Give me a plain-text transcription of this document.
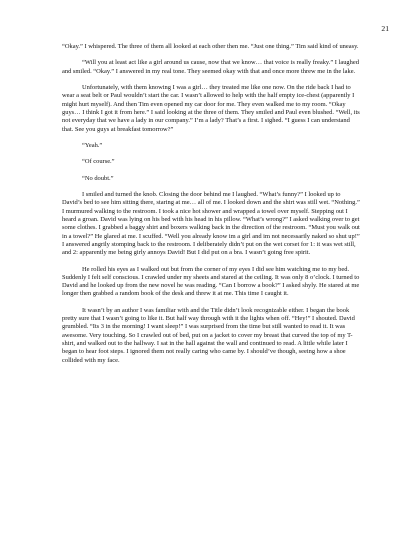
21

“Okay.” I whispered. The three of them all looked at each other then me. “Just one thing.” Tim said kind of uneasy.

“Will you at least act like a girl around us cause, now that we know… that voice is really freaky.” I laughed and smiled. “Okay.” I answered in my real tone. They seemed okay with that and once more threw me in the lake.

Unfortunately, with them knowing I was a girl… they treated me like one now. On the ride back I had to wear a seat belt or Paul wouldn’t start the car. I wasn’t allowed to help with the half empty ice-chest (apparently I might hurt myself). And then Tim even opened my car door for me. They even walked me to my room. “Okay guys… I think I got it from here.” I said looking at the three of them. They smiled and Paul even blushed. “Well, its not everyday that we have a lady in our company.” I’m a lady? That’s a first. I sighed. “I guess I can understand that. See you guys at breakfast tomorrow?”

“Yeah.”

“Of course.”

“No doubt.”

I smiled and turned the knob. Closing the door behind me I laughed. “What’s funny?” I looked up to David’s bed to see him sitting there, staring at me… all of me. I looked down and the shirt was still wet. “Nothing.” I murmured walking to the restroom. I took a nice hot shower and wrapped a towel over myself. Stepping out I heard a groan. David was lying on his bed with his head in his pillow. “What’s wrong?” I asked walking over to get some clothes. I grabbed a baggy shirt and boxers walking back in the direction of the restroom. “Must you walk out in a towel?” He glared at me. I scuffed. “Well you already know im a girl and im not necessarily naked so shut up!” I answered angrily stomping back to the restroom. I deliberately didn’t put on the wet corset for 1: it was wet still, and 2: apparently me being girly annoys David! But I did put on a bra. I wasn’t going free spirit.

He rolled his eyes as I walked out but from the corner of my eyes I did see him watching me to my bed. Suddenly I felt self conscious. I crawled under my sheets and stared at the ceiling. It was only 8 o’clock. I turned to David and he looked up from the new novel he was reading. “Can I borrow a book?” I asked shyly. He stared at me longer then grabbed a random book of the desk and threw it at me. This time I caught it.

It wasn’t by an author I was familiar with and the Title didn’t look recognizable either. I began the book pretty sure that I wasn’t going to like it. But half way through with it the lights when off. “Hey!” I shouted. David grumbled. “Its 3 in the morning! I want sleep!” I was surprised from the time but still wanted to read it. It was awesome. Very touching. So I crawled out of bed, put on a jacket to cover my breast that curved the top of my T-shirt, and walked out to the hallway. I sat in the hall against the wall and continued to read. A little while later I began to hear foot steps. I ignored them not really caring who came by. I should’ve though, seeing how a shoe collided with my face.
